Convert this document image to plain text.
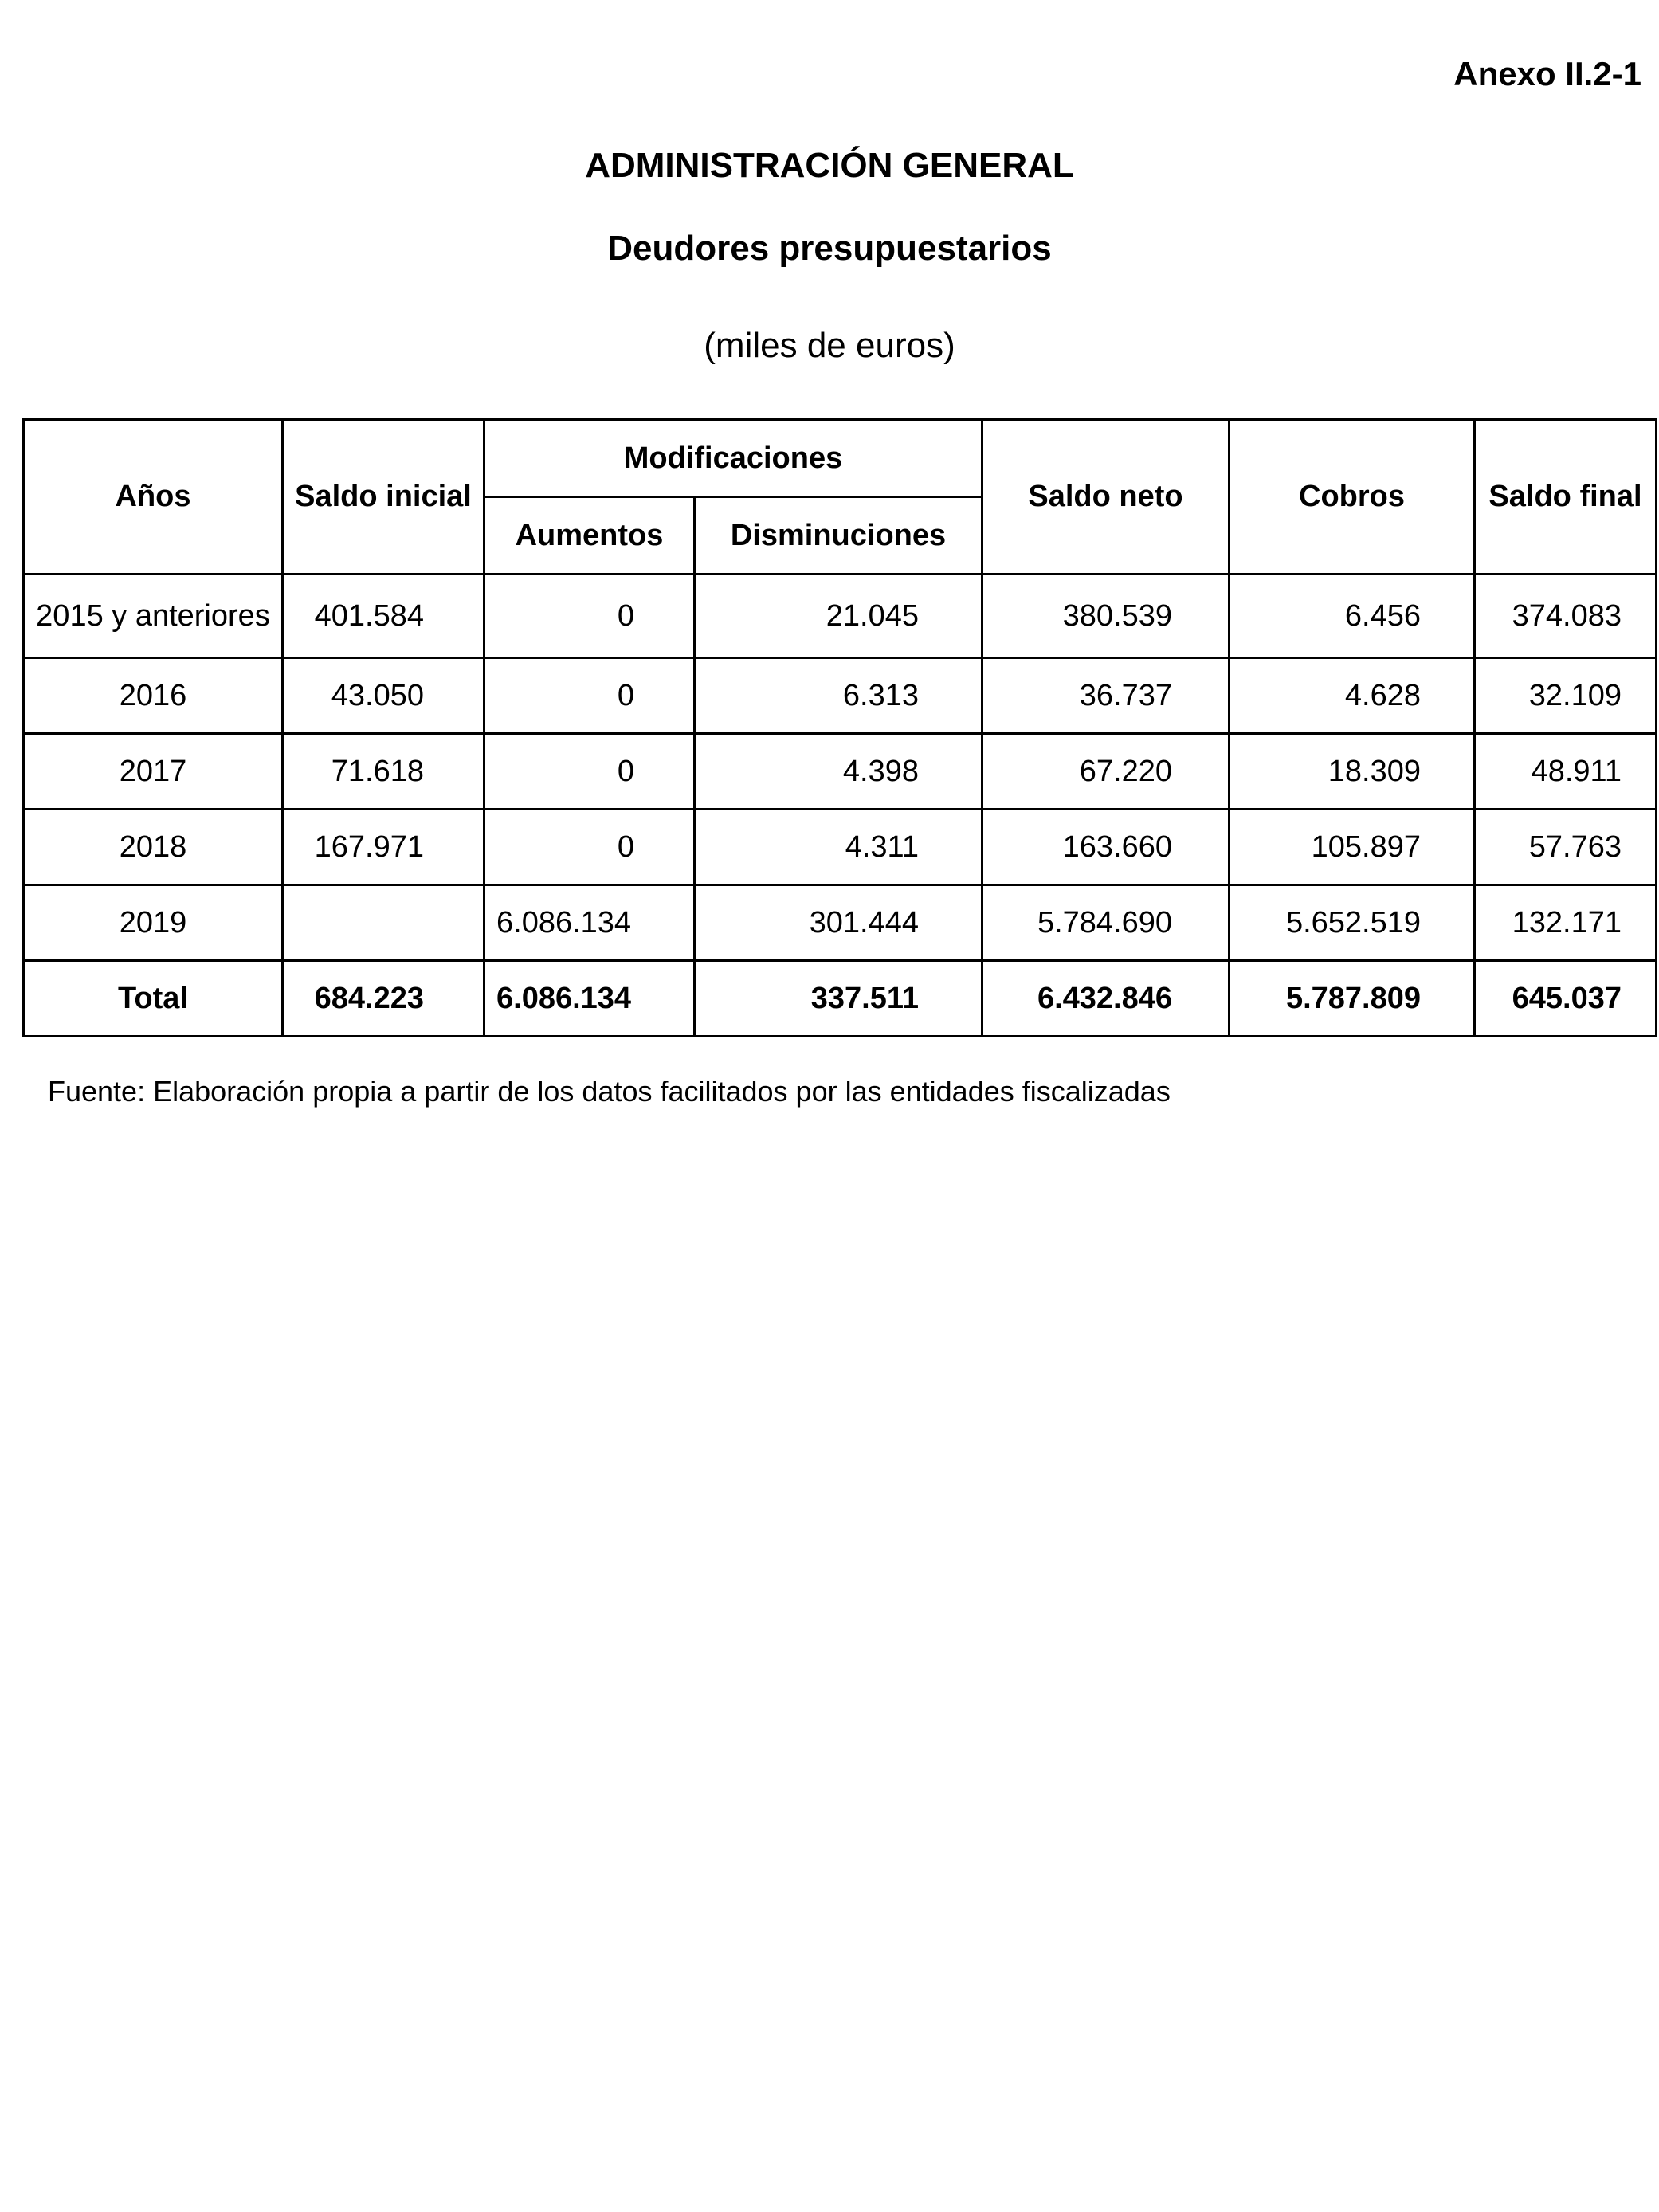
Anexo II.2-1
ADMINISTRACIÓN GENERAL
Deudores presupuestarios
(miles de euros)
Años	Saldo inicial	Modificaciones		Saldo neto	Cobros	Saldo final
		Aumentos	Disminuciones			
2015 y anteriores	401.584	0	21.045	380.539	6.456	374.083
2016	43.050	0	6.313	36.737	4.628	32.109
2017	71.618	0	4.398	67.220	18.309	48.911
2018	167.971	0	4.311	163.660	105.897	57.763
2019		6.086.134	301.444	5.784.690	5.652.519	132.171
Total	684.223	6.086.134	337.511	6.432.846	5.787.809	645.037
Fuente: Elaboración propia a partir de los datos facilitados por las entidades fiscalizadas
